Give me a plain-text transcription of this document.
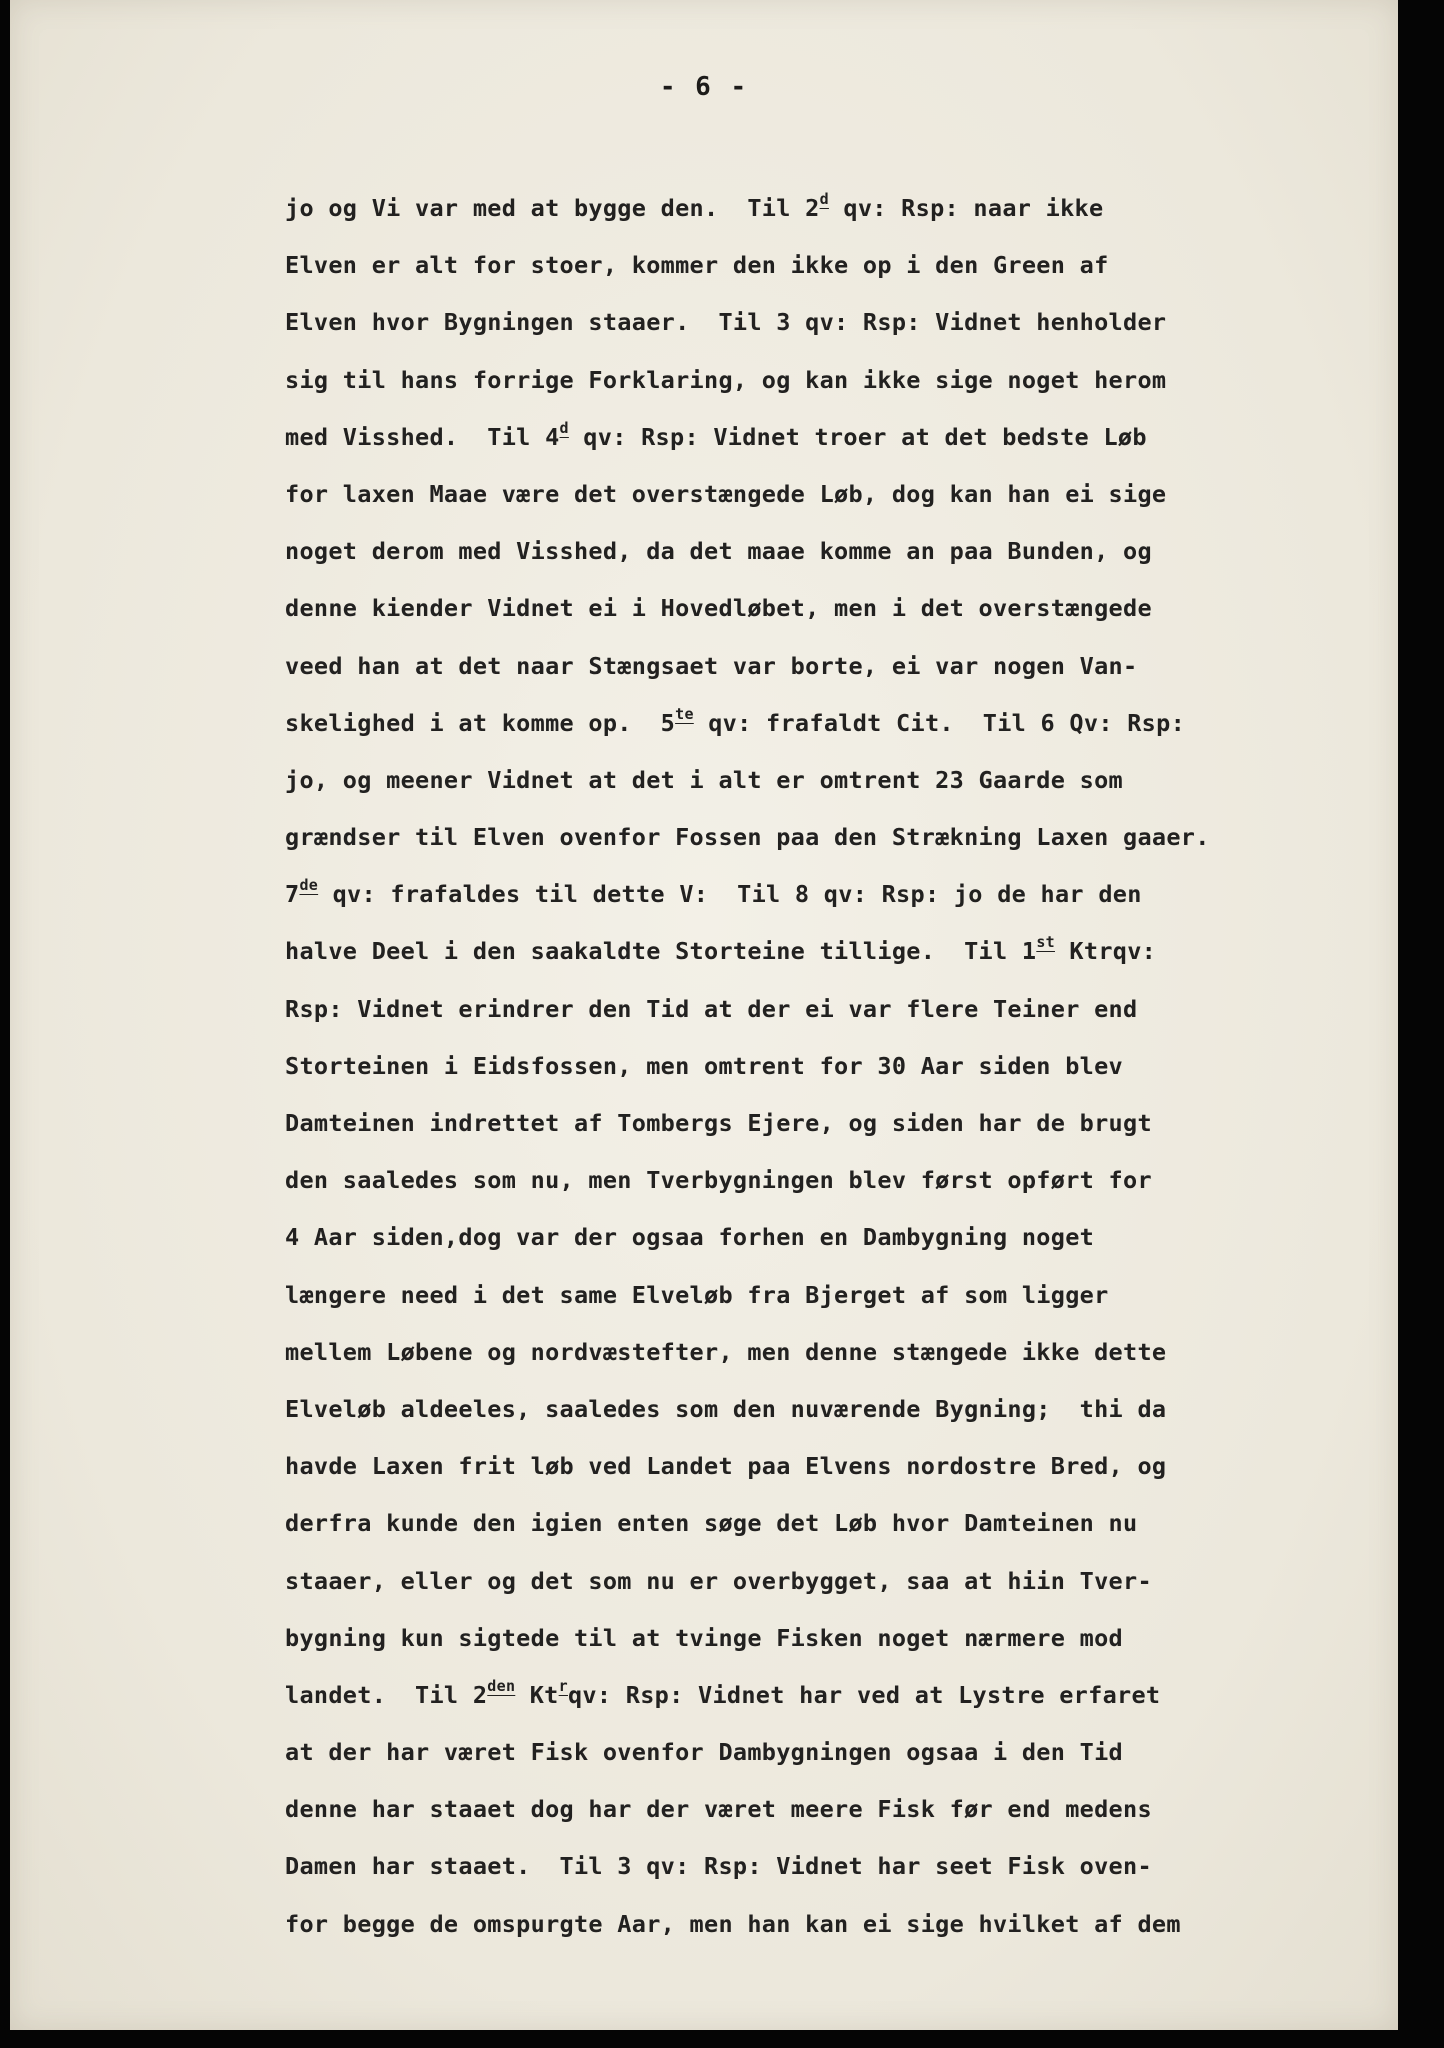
- 6 -
jo og Vi var med at bygge den.  Til 2$^d$ qv: Rsp: naar ikke
Elven er alt for stoer, kommer den ikke op i den Green af
Elven hvor Bygningen staaer.  Til 3 qv: Rsp: Vidnet henholder
sig til hans forrige Forklaring, og kan ikke sige noget herom
med Visshed.  Til 4$^d$ qv: Rsp: Vidnet troer at det bedste Løb
for laxen Maae være det overstængede Løb, dog kan han ei sige
noget derom med Visshed, da det maae komme an paa Bunden, og
denne kiender Vidnet ei i Hovedløbet, men i det overstængede
veed han at det naar Stængsaet var borte, ei var nogen Van-
skelighed i at komme op.  $5^{te}$ qv: frafaldt Cit.  Til 6 Qv: Rsp:
jo, og meener Vidnet at det i alt er omtrent 23 Gaarde som
grændser til Elven ovenfor Fossen paa den Strækning Laxen gaaer.
7de qv: frafaldes til dette V:  Til 8 qv: Rsp: jo de har den
halve Deel i den saakaldte Storteine tillige.  Til 1st Ktrqv:
Rsp: Vidnet erindrer den Tid at der ei var flere Teiner end
Storteinen i Eidsfossen, men omtrent for 30 Aar siden blev
Damteinen indrettet af Tombergs Ejere, og siden har de brugt
den saaledes som nu, men Tverbygningen blev først opført for
4 Aar siden,dog var der ogsaa forhen en Dambygning noget
længere need i det same Elveløb fra Bjerget af som ligger
mellem Løbene og nordvæstefter, men denne stængede ikke dette
Elveløb aldeeles, saaledes som den nuværende Bygning;  thi da
havde Laxen frit løb ved Landet paa Elvens nordostre Bred, og
derfra kunde den igien enten søge det Løb hvor Damteinen nu
staaer, eller og det som nu er overbygget, saa at hiin Tver-
bygning kun sigtede til at tvinge Fisken noget nærmere mod
landet.  Til $2^{den}$ Kt$^r$qv: Rsp: Vidnet har ved at Lystre erfaret
at der har været Fisk ovenfor Dambygningen ogsaa i den Tid
denne har staaet dog har der været meere Fisk før end medens
Damen har staaet.  Til 3 qv: Rsp: Vidnet har seet Fisk oven-
for begge de omspurgte Aar, men han kan ei sige hvilket af dem
